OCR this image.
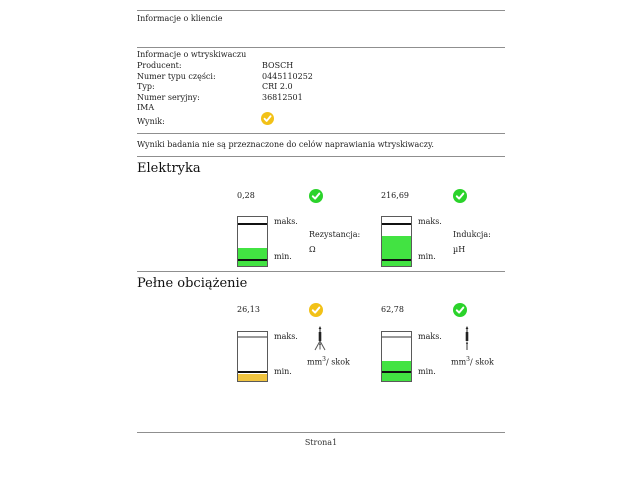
Informacje o kliencie
Informacje o wtryskiwaczu
Producent:	BOSCH
Numer typu części:	0445110252
Typ:	CRI 2.0
Numer seryjny:	36812501
IMA
Wynik:
Wyniki badania nie są przeznaczone do celów naprawiania wtryskiwaczy.
Elektryka
0,28
maks.
min.
Rezystancja:
Ω
216,69
maks.
min.
Indukcja:
µH
Pełne obciążenie
26,13
maks.
min.
$mm^3/$ skok
62,78
maks.
min.
$mm^3/$ skok
Strona1
